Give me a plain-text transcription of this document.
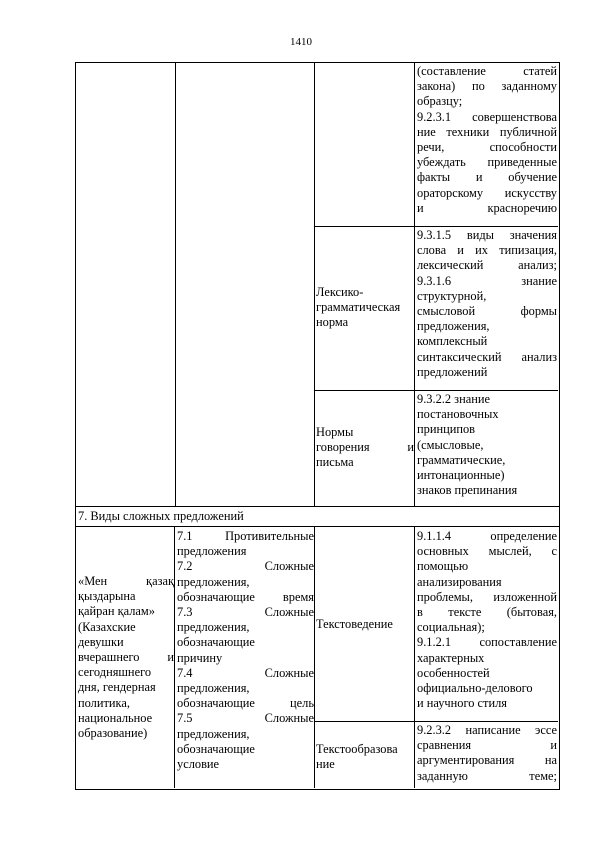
1410
(составление статей
закона) по заданному
образцу;
9.2.3.1 совершенствова
ние техники публичной
речи, способности
убеждать приведенные
факты и обучение
ораторскому искусству
и красноречию
Лексико-
грамматическая
норма
9.3.1.5 виды значения
слова и их типизация,
лексический анализ;
9.3.1.6 знание
структурной,
смысловой формы
предложения,
комплексный
синтаксический анализ
предложений
Нормы
говорения и
письма
9.3.2.2 знание
постановочных
принципов
(смысловые,
грамматические,
интонационные)
знаков препинания
7. Виды сложных предложений
«Мен қазақ
қыздарына
қайран қалам»
(Казахские
девушки
вчерашнего и
сегодняшнего
дня, гендерная
политика,
национальное
образование)
7.1 Противительные
предложения
7.2 Сложные
предложения,
обозначающие время
7.3 Сложные
предложения,
обозначающие
причину
7.4 Сложные
предложения,
обозначающие цель
7.5 Сложные
предложения,
обозначающие
условие
Текстоведение
9.1.1.4 определение
основных мыслей, с
помощью
анализирования
проблемы, изложенной
в тексте (бытовая,
социальная);
9.1.2.1 сопоставление
характерных
особенностей
официально-делового
и научного стиля
Текстообразова
ние
9.2.3.2 написание эссе
сравнения и
аргументирования на
заданную теме;
